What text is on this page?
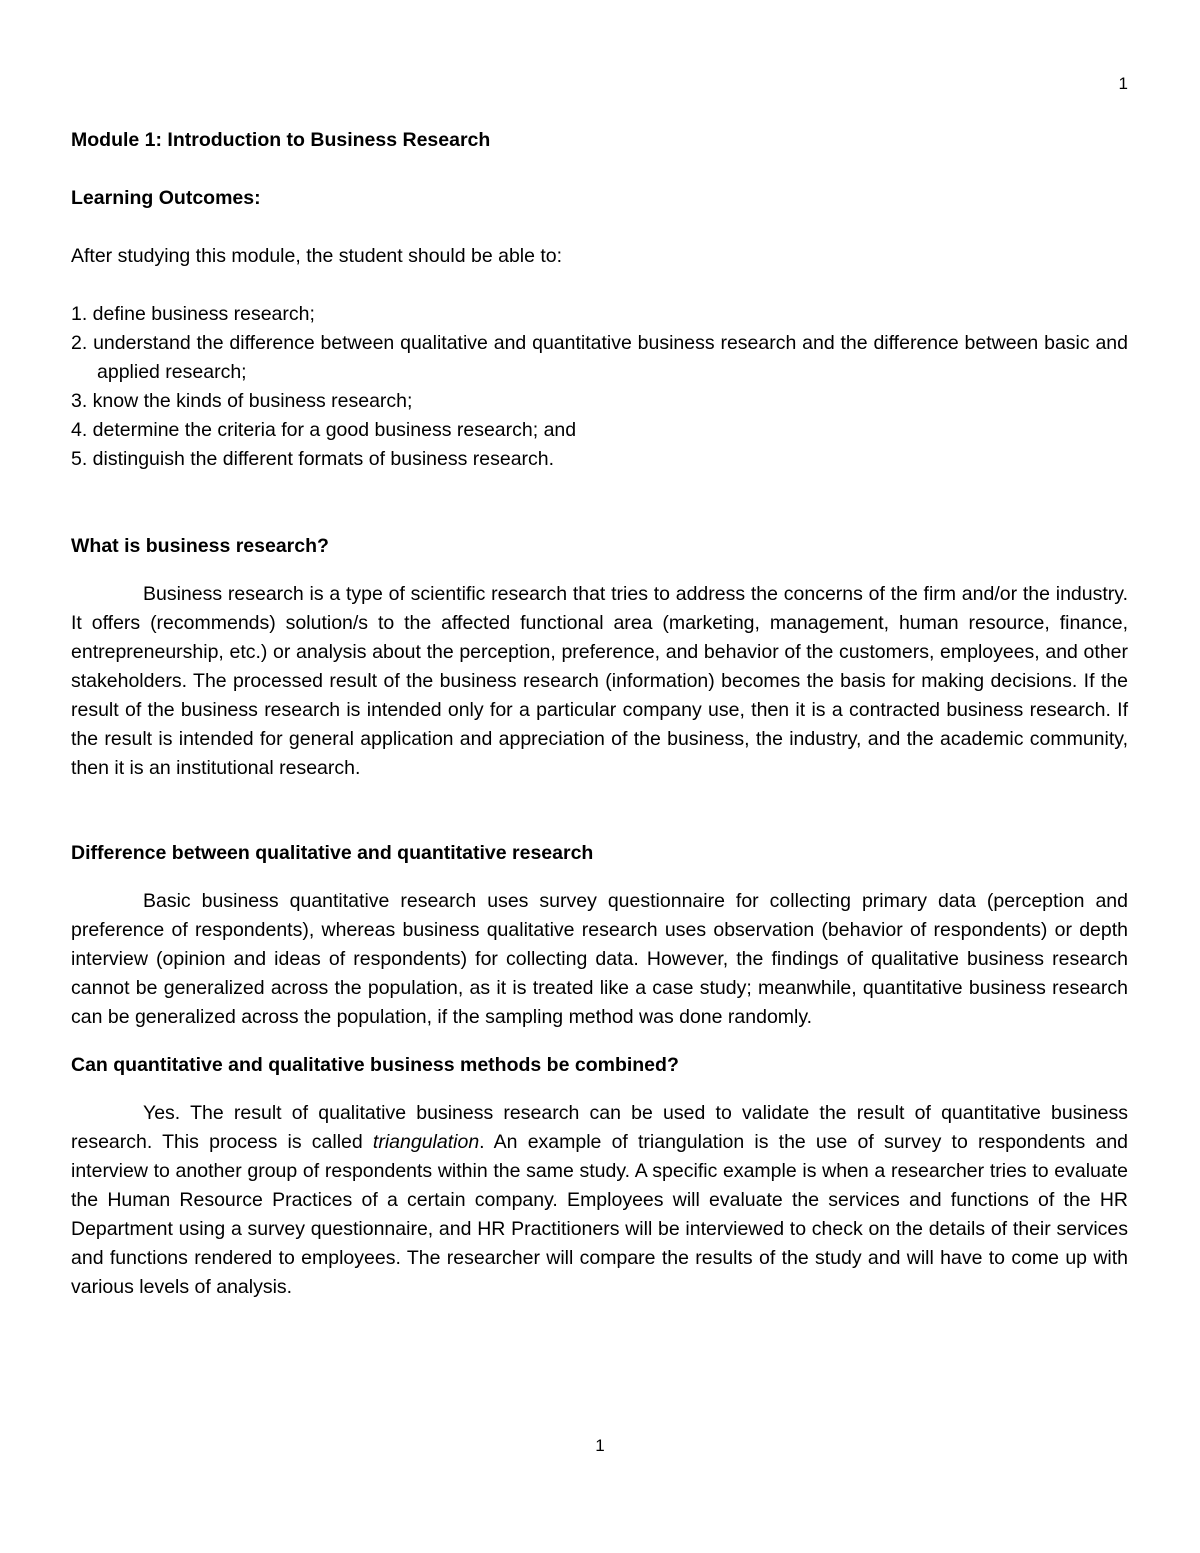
1

Module 1: Introduction to Business Research

Learning Outcomes:

After studying this module, the student should be able to:

1. define business research;
2. understand the difference between qualitative and quantitative business research and the difference between basic and applied research;
3. know the kinds of business research;
4. determine the criteria for a good business research; and
5. distinguish the different formats of business research.

What is business research?

Business research is a type of scientific research that tries to address the concerns of the firm and/or the industry. It offers (recommends) solution/s to the affected functional area (marketing, management, human resource, finance, entrepreneurship, etc.) or analysis about the perception, preference, and behavior of the customers, employees, and other stakeholders. The processed result of the business research (information) becomes the basis for making decisions. If the result of the business research is intended only for a particular company use, then it is a contracted business research. If the result is intended for general application and appreciation of the business, the industry, and the academic community, then it is an institutional research.

Difference between qualitative and quantitative research

Basic business quantitative research uses survey questionnaire for collecting primary data (perception and preference of respondents), whereas business qualitative research uses observation (behavior of respondents) or depth interview (opinion and ideas of respondents) for collecting data. However, the findings of qualitative business research cannot be generalized across the population, as it is treated like a case study; meanwhile, quantitative business research can be generalized across the population, if the sampling method was done randomly.

Can quantitative and qualitative business methods be combined?

Yes. The result of qualitative business research can be used to validate the result of quantitative business research. This process is called triangulation. An example of triangulation is the use of survey to respondents and interview to another group of respondents within the same study. A specific example is when a researcher tries to evaluate the Human Resource Practices of a certain company. Employees will evaluate the services and functions of the HR Department using a survey questionnaire, and HR Practitioners will be interviewed to check on the details of their services and functions rendered to employees. The researcher will compare the results of the study and will have to come up with various levels of analysis.

1
